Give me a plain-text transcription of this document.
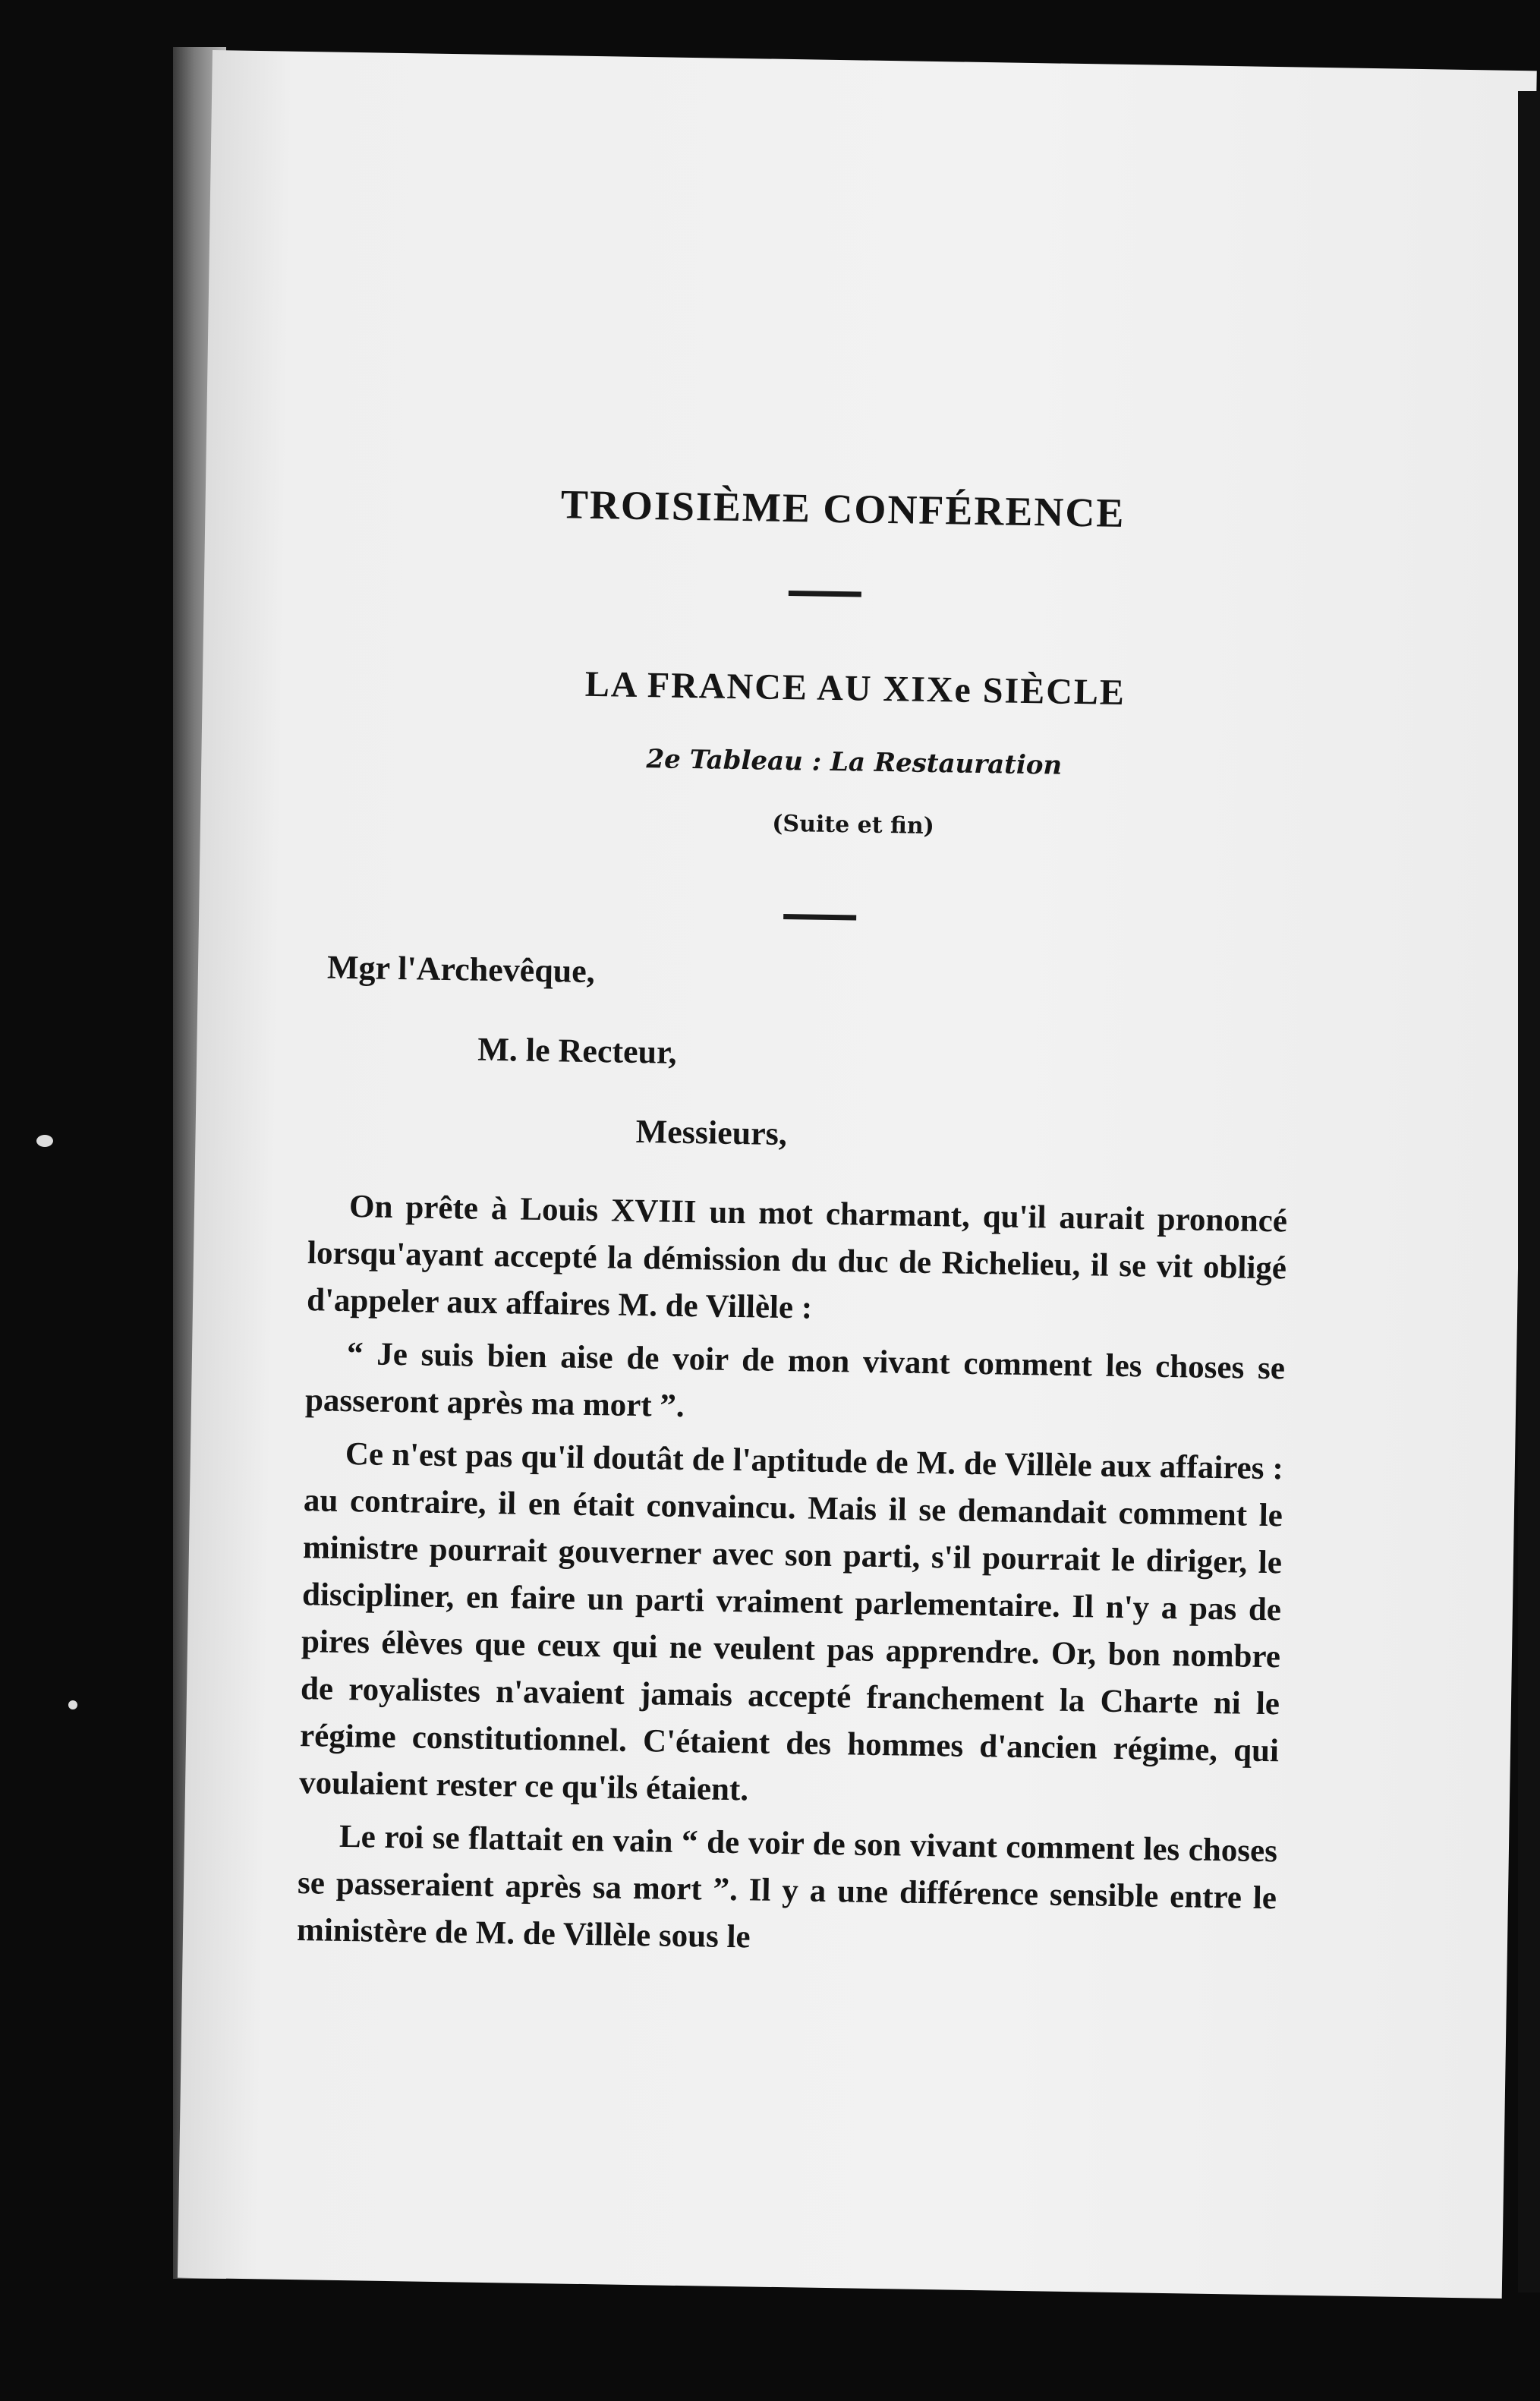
TROISIÈME CONFÉRENCE
LA FRANCE AU XIXe SIÈCLE
2e Tableau : La Restauration
(Suite et fin)
Mgr l'Archevêque,
M. le Recteur,
Messieurs,

On prête à Louis XVIII un mot charmant, qu'il aurait prononcé lorsqu'ayant accepté la démission du duc de Richelieu, il se vit obligé d'appeler aux affaires M. de Villèle :

“ Je suis bien aise de voir de mon vivant comment les choses se passeront après ma mort ”.

Ce n'est pas qu'il doutât de l'aptitude de M. de Villèle aux affaires : au contraire, il en était convaincu. Mais il se demandait comment le ministre pourrait gouverner avec son parti, s'il pourrait le diriger, le discipliner, en faire un parti vraiment parlementaire. Il n'y a pas de pires élèves que ceux qui ne veulent pas apprendre. Or, bon nombre de royalistes n'avaient jamais accepté franchement la Charte ni le régime constitutionnel. C'étaient des hommes d'ancien régime, qui voulaient rester ce qu'ils étaient.

Le roi se flattait en vain “ de voir de son vivant comment les choses se passeraient après sa mort ”. Il y a une différence sensible entre le ministère de M. de Villèle sous le
